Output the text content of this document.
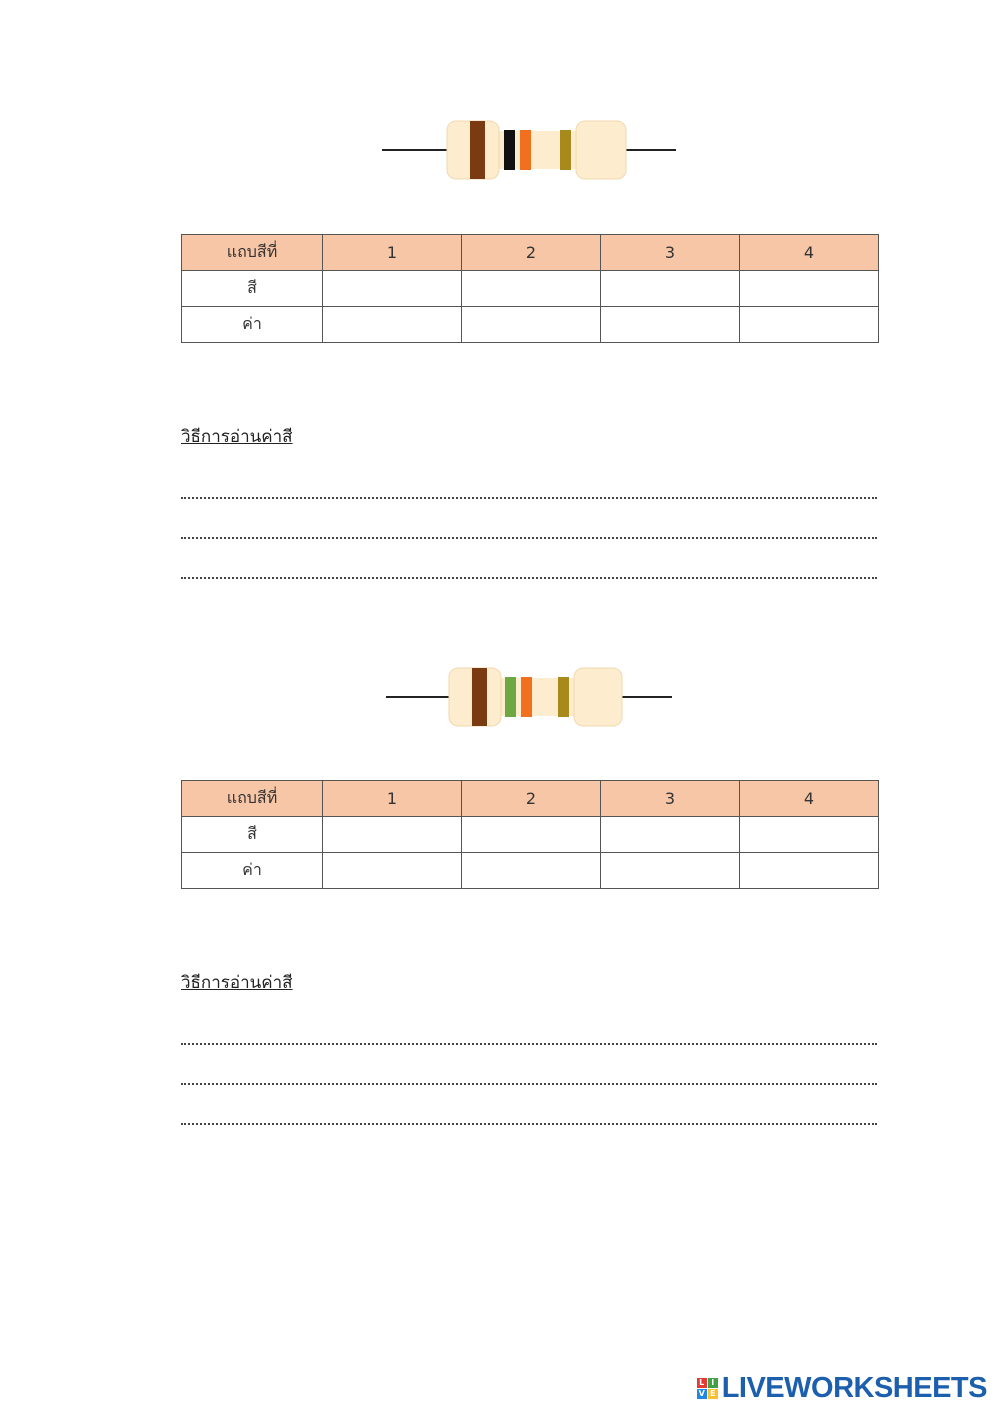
แถบสีที่	1	2	3	4
สี				
ค่า				
วิธีการอ่านค่าสี
แถบสีที่	1	2	3	4
สี				
ค่า				
วิธีการอ่านค่าสี
L I
V E LIVEWORKSHEETS
